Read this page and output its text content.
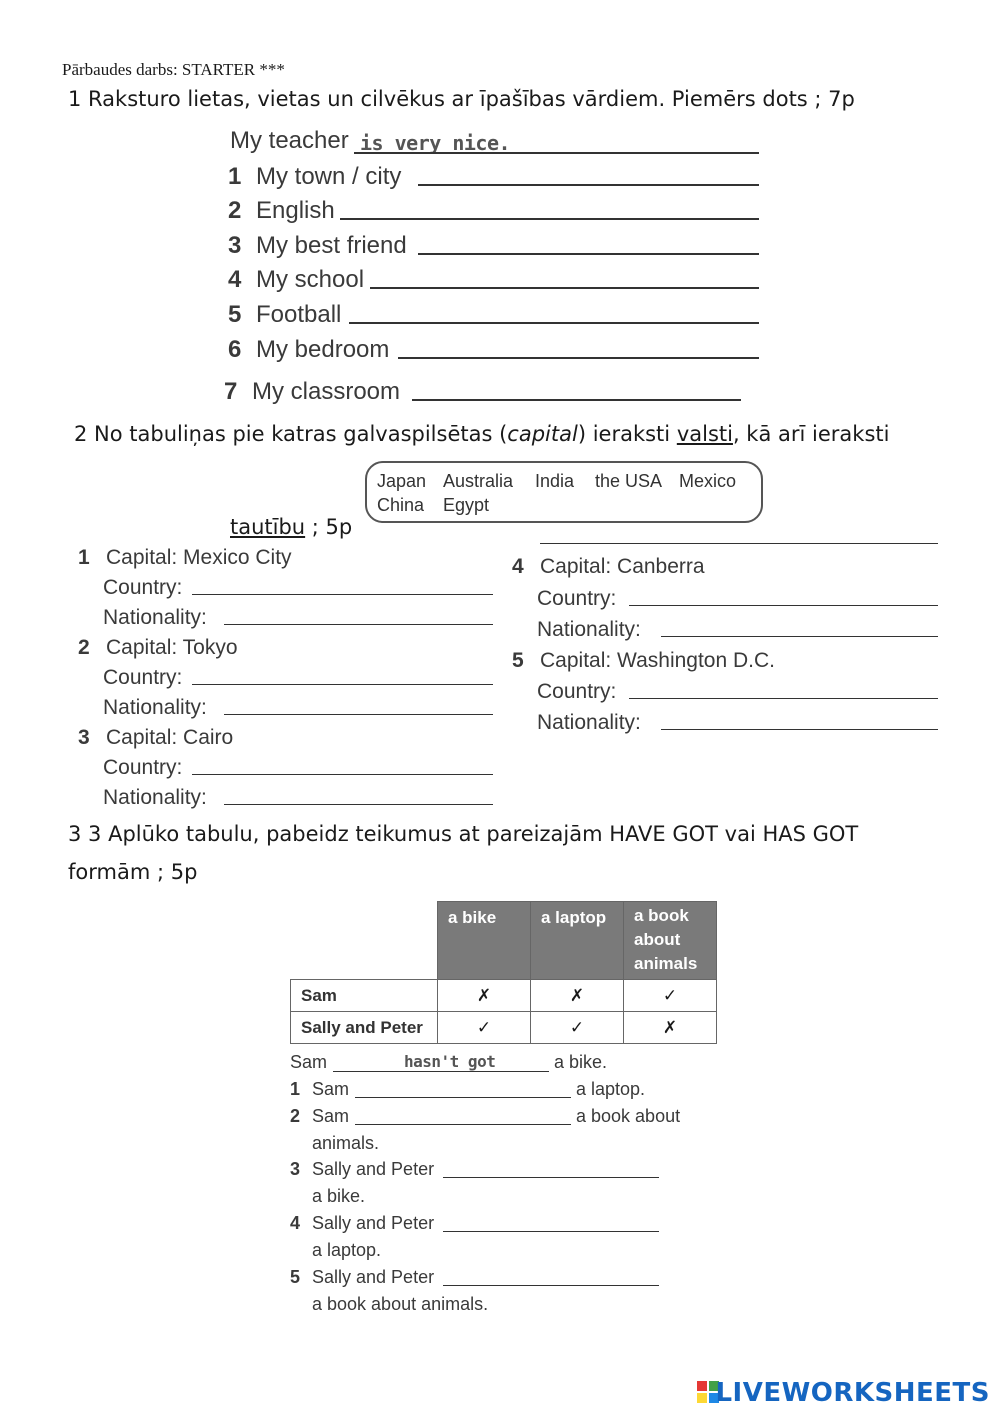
Pārbaudes darbs: STARTER ***
1 Raksturo lietas, vietas un cilvēkus ar īpašības vārdiem. Piemērs dots ; 7p
My teacher is very nice.
1 My town / city
2 English
3 My best friend
4 My school
5 Football
6 My bedroom
7 My classroom
2 No tabuliņas pie katras galvaspilsētas (capital) ieraksti valsti, kā arī ieraksti
Japan Australia India the USA Mexico
China Egypt
tautību ; 5p
1 Capital: Mexico City
Country:
Nationality:
2 Capital: Tokyo
Country:
Nationality:
3 Capital: Cairo
Country:
Nationality:
4 Capital: Canberra
Country:
Nationality:
5 Capital: Washington D.C.
Country:
Nationality:
3 3 Aplūko tabulu, pabeidz teikumus at pareizajām HAVE GOT vai HAS GOT
formām ; 5p
	a bike	a laptop	a book about animals
Sam	✗	✗	✓
Sally and Peter	✓	✓	✗
Sam	hasn't got	a bike.
1 Sam	a laptop.
2 Sam	a book about
animals.
3 Sally and Peter
a bike.
4 Sally and Peter
a laptop.
5 Sally and Peter
a book about animals.
LIVEWORKSHEETS
